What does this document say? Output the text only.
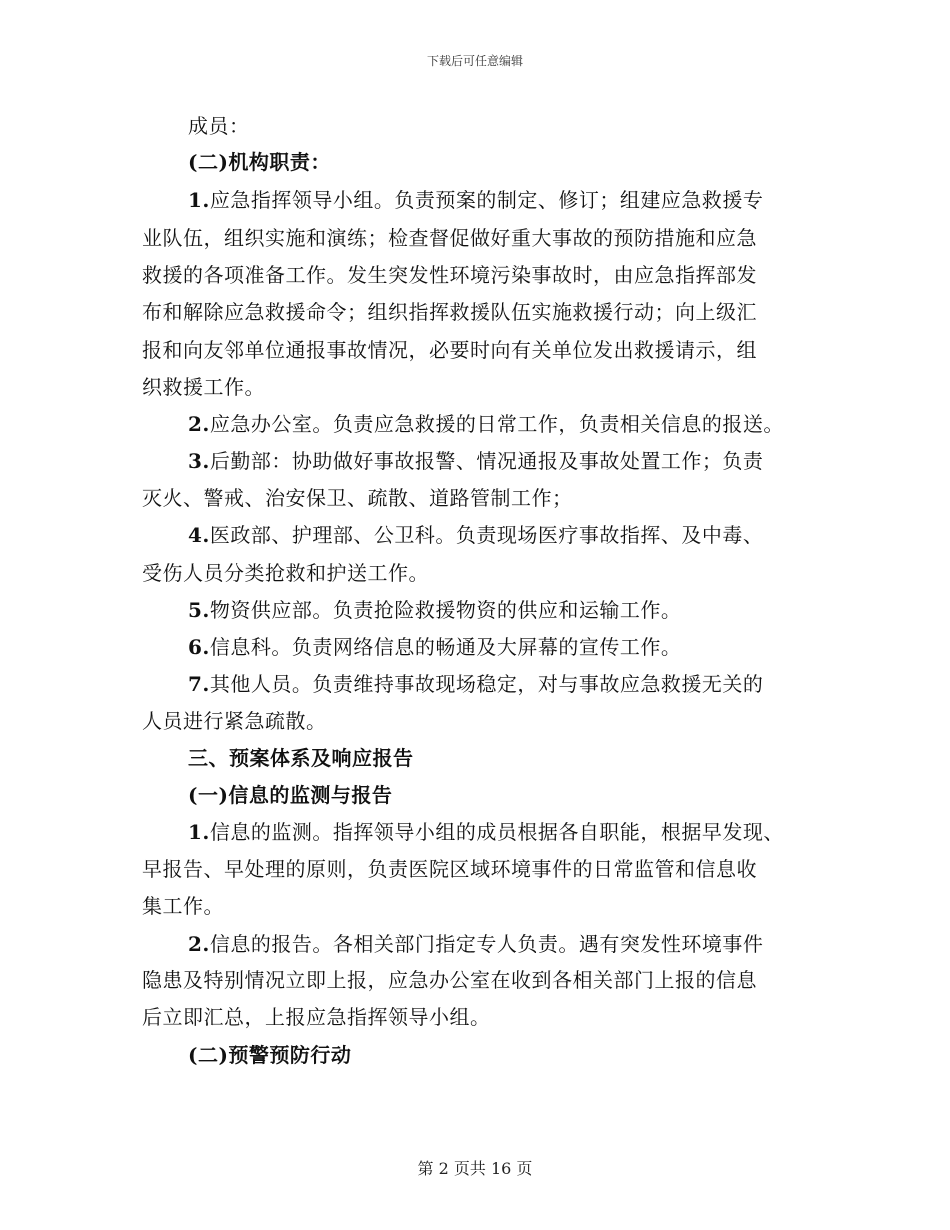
下载后可任意编辑
成员：
(二)机构职责：
1.应急指挥领导小组。负责预案的制定、修订；组建应急救援专
业队伍，组织实施和演练；检查督促做好重大事故的预防措施和应急
救援的各项准备工作。发生突发性环境污染事故时，由应急指挥部发
布和解除应急救援命令；组织指挥救援队伍实施救援行动；向上级汇
报和向友邻单位通报事故情况，必要时向有关单位发出救援请示，组
织救援工作。
2.应急办公室。负责应急救援的日常工作，负责相关信息的报送。
3.后勤部：协助做好事故报警、情况通报及事故处置工作；负责
灭火、警戒、治安保卫、疏散、道路管制工作；
4.医政部、护理部、公卫科。负责现场医疗事故指挥、及中毒、
受伤人员分类抢救和护送工作。
5.物资供应部。负责抢险救援物资的供应和运输工作。
6.信息科。负责网络信息的畅通及大屏幕的宣传工作。
7.其他人员。负责维持事故现场稳定，对与事故应急救援无关的
人员进行紧急疏散。
三、预案体系及响应报告
(一)信息的监测与报告
1.信息的监测。指挥领导小组的成员根据各自职能，根据早发现、
早报告、早处理的原则，负责医院区域环境事件的日常监管和信息收
集工作。
2.信息的报告。各相关部门指定专人负责。遇有突发性环境事件
隐患及特别情况立即上报，应急办公室在收到各相关部门上报的信息
后立即汇总，上报应急指挥领导小组。
(二)预警预防行动
第 2 页共 16 页
